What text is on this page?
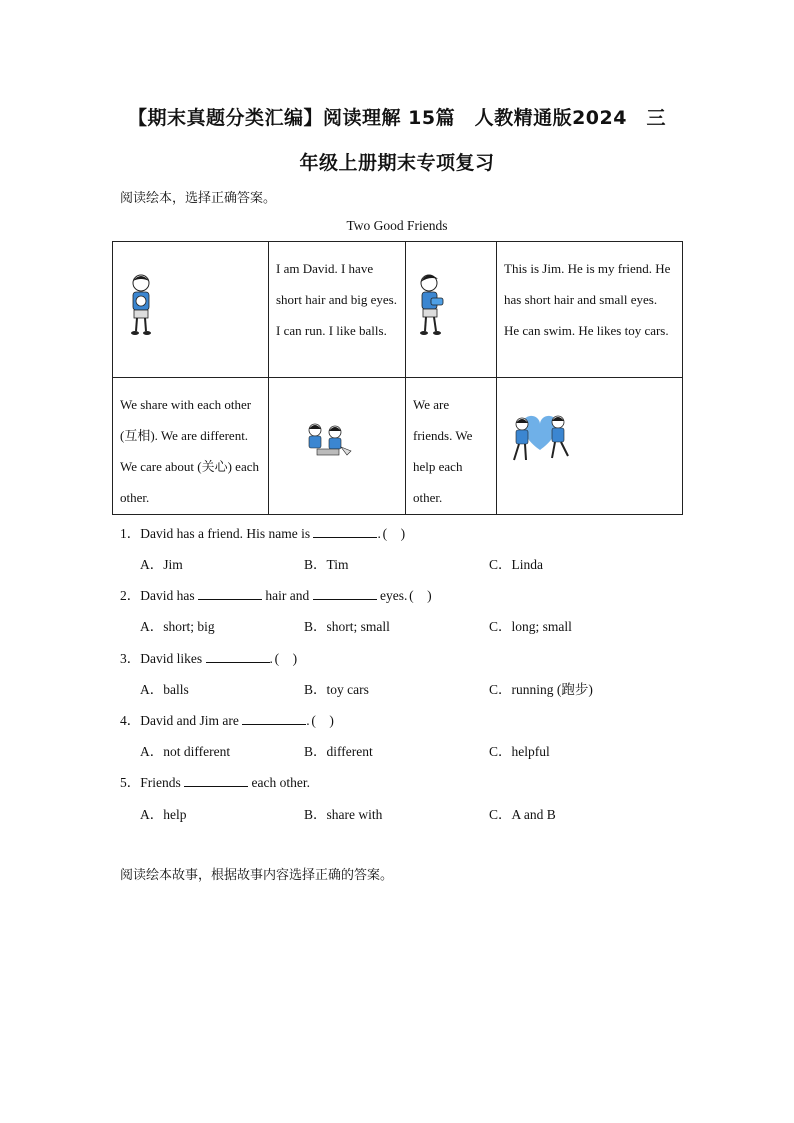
【期末真题分类汇编】阅读理解 15篇　人教精通版2024　三
年级上册期末专项复习
阅读绘本，选择正确答案。
Two Good Friends
	I am David. I have short hair and big eyes. I can run. I like balls.		This is Jim. He is my friend. He has short hair and small eyes. He can swim. He likes toy cars.
We share with each other (互相). We are different. We care about (关心) each other.		We are friends. We help each other.	
1．David has a friend. His name is	. (　)
A．Jim	B．Tim	C．Linda
2．David has	hair and	eyes. (　)
A．short; big	B．short; small	C．long; small
3．David likes	. (　)
A．balls	B．toy cars	C．running (跑步)
4．David and Jim are	. (　)
A．not different	B．different	C．helpful
5．Friends	each other.
A．help	B．share with	C．A and B
阅读绘本故事，根据故事内容选择正确的答案。
